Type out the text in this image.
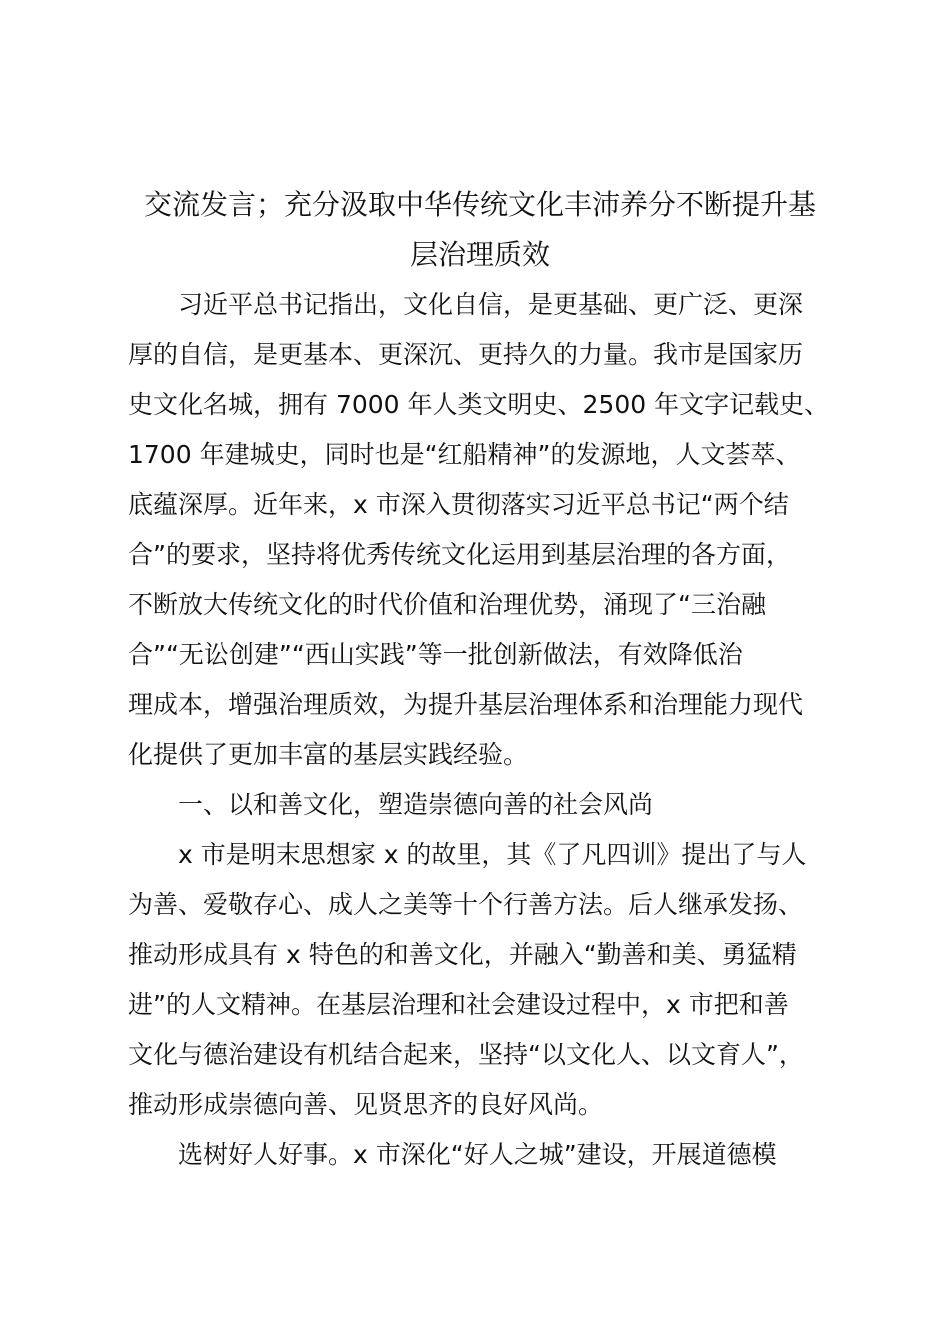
交流发言；充分汲取中华传统文化丰沛养分不断提升基
层治理质效
　　习近平总书记指出，文化自信，是更基础、更广泛、更深
厚的自信，是更基本、更深沉、更持久的力量。我市是国家历
史文化名城，拥有 7000 年人类文明史、2500 年文字记载史、
1700 年建城史，同时也是“红船精神”的发源地，人文荟萃、
底蕴深厚。近年来，x 市深入贯彻落实习近平总书记“两个结
合”的要求，坚持将优秀传统文化运用到基层治理的各方面，
不断放大传统文化的时代价值和治理优势，涌现了“三治融
合”“无讼创建”“西山实践”等一批创新做法，有效降低治
理成本，增强治理质效，为提升基层治理体系和治理能力现代
化提供了更加丰富的基层实践经验。
　　一、以和善文化，塑造崇德向善的社会风尚
　　x 市是明末思想家 x 的故里，其《了凡四训》提出了与人
为善、爱敬存心、成人之美等十个行善方法。后人继承发扬、
推动形成具有 x 特色的和善文化，并融入“勤善和美、勇猛精
进”的人文精神。在基层治理和社会建设过程中，x 市把和善
文化与德治建设有机结合起来，坚持“以文化人、以文育人”，
推动形成崇德向善、见贤思齐的良好风尚。
　　选树好人好事。x 市深化“好人之城”建设，开展道德模
